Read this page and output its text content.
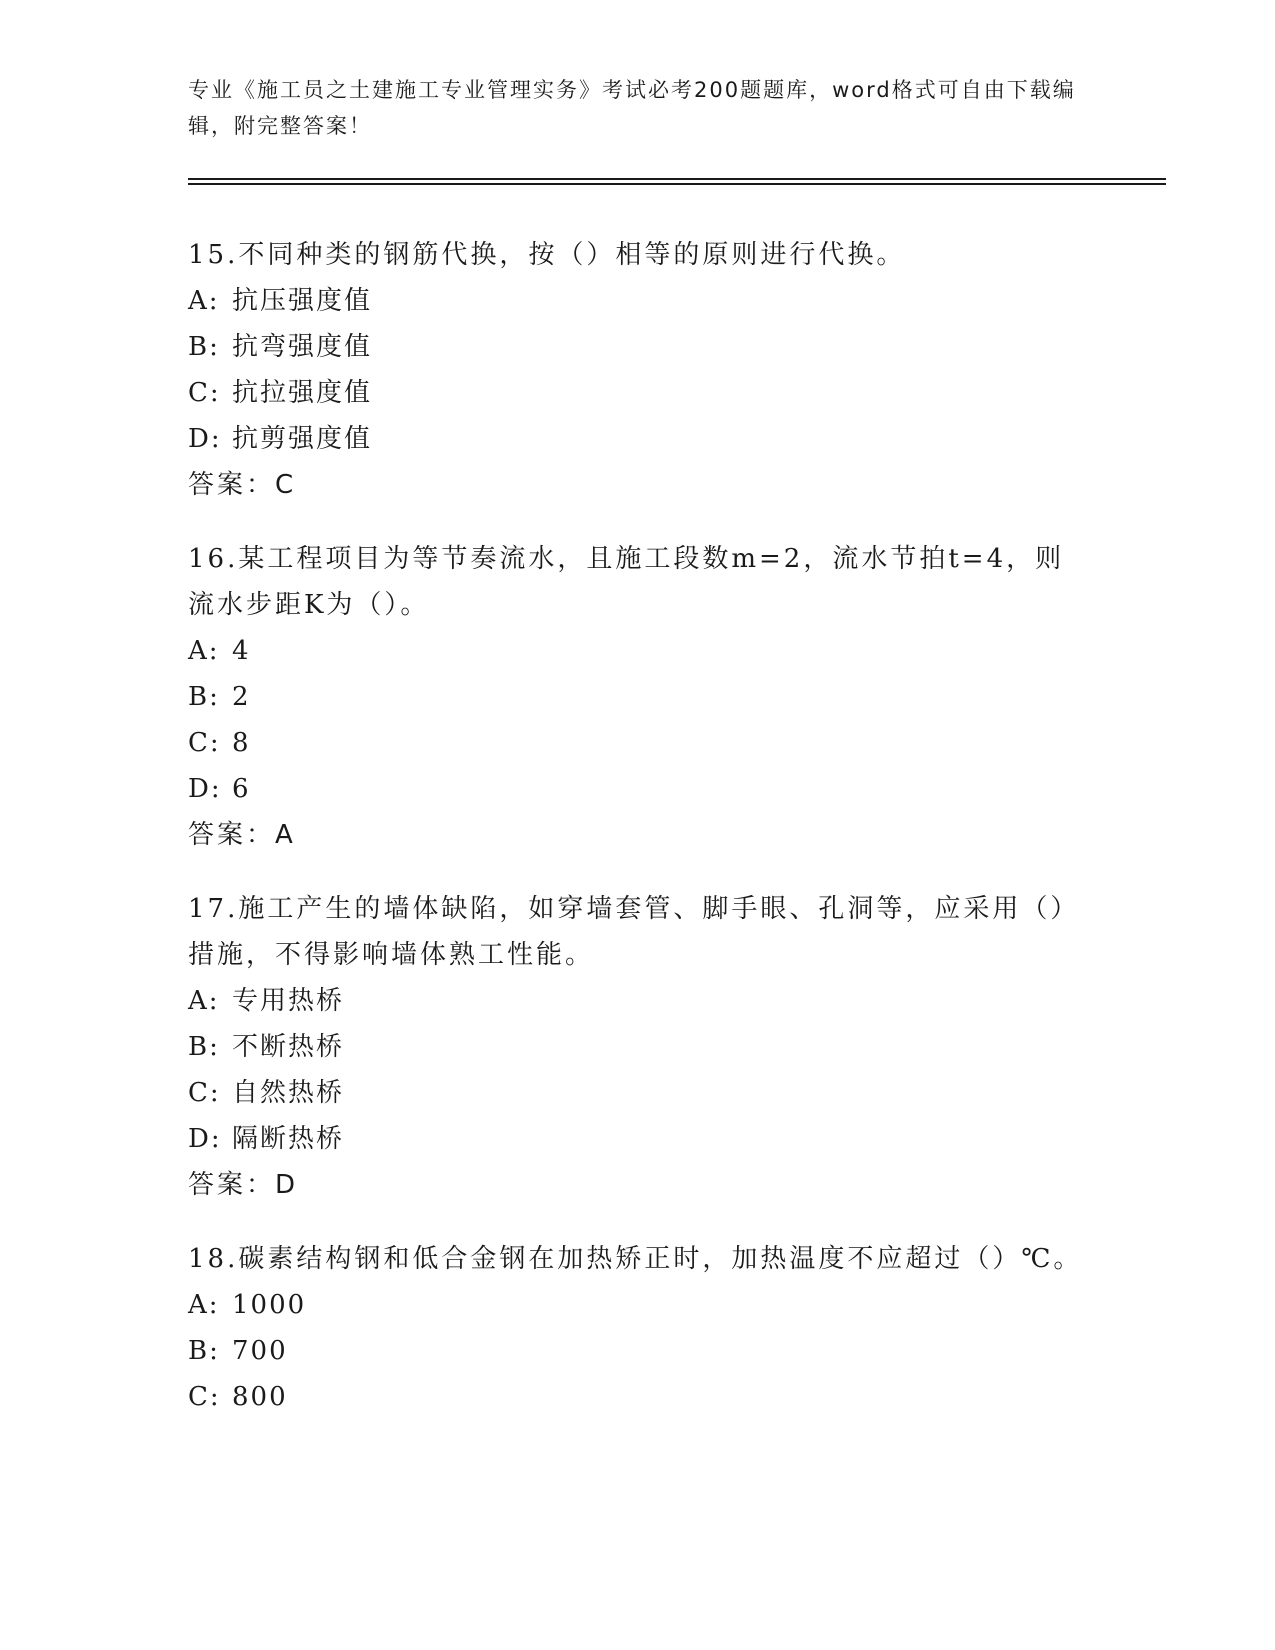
专业《施工员之土建施工专业管理实务》考试必考200题题库，word格式可自由下载编辑，附完整答案！

15.不同种类的钢筋代换，按（）相等的原则进行代换。

A: 抗压强度值
B: 抗弯强度值
C: 抗拉强度值
D: 抗剪强度值
答案：C

16.某工程项目为等节奏流水，且施工段数m=2，流水节拍t=4，则流水步距K为（）。

A: 4
B: 2
C: 8
D: 6
答案：A

17.施工产生的墙体缺陷，如穿墙套管、脚手眼、孔洞等，应采用（）措施，不得影响墙体熟工性能。

A: 专用热桥
B: 不断热桥
C: 自然热桥
D: 隔断热桥
答案：D

18.碳素结构钢和低合金钢在加热矫正时，加热温度不应超过（）℃。

A: 1000
B: 700
C: 800
